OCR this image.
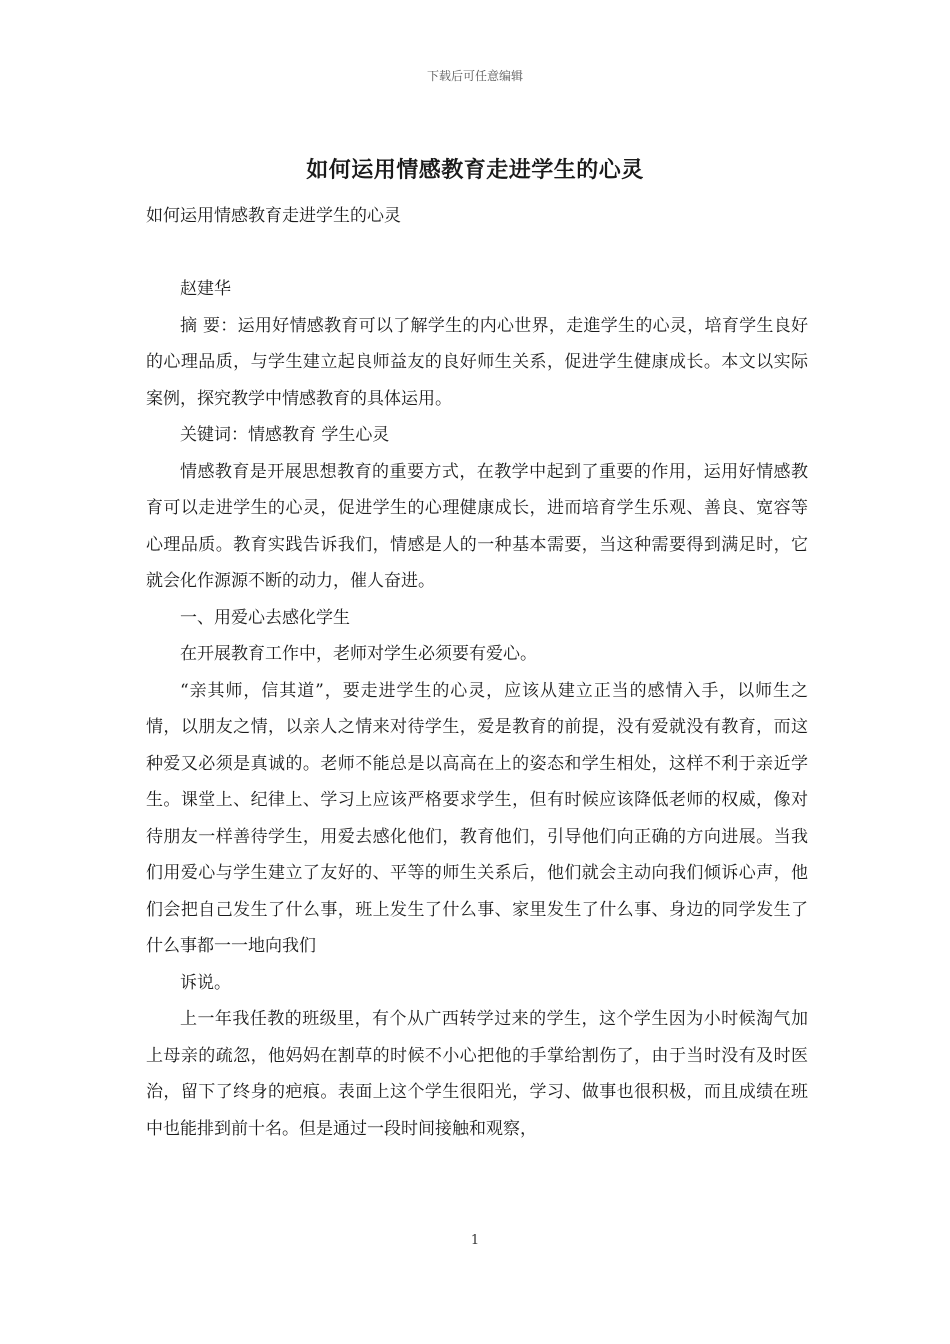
下载后可任意编辑
如何运用情感教育走进学生的心灵

如何运用情感教育走进学生的心灵

赵建华

摘 要：运用好情感教育可以了解学生的内心世界，走進学生的心灵，培育学生良好的心理品质，与学生建立起良师益友的良好师生关系，促进学生健康成长。本文以实际案例，探究教学中情感教育的具体运用。

关键词：情感教育 学生心灵

情感教育是开展思想教育的重要方式，在教学中起到了重要的作用，运用好情感教育可以走进学生的心灵，促进学生的心理健康成长，进而培育学生乐观、善良、宽容等心理品质。教育实践告诉我们，情感是人的一种基本需要，当这种需要得到满足时，它就会化作源源不断的动力，催人奋进。

一、用爱心去感化学生

在开展教育工作中，老师对学生必须要有爱心。

“亲其师，信其道”，要走进学生的心灵，应该从建立正当的感情入手，以师生之情，以朋友之情，以亲人之情来对待学生，爱是教育的前提，没有爱就没有教育，而这种爱又必须是真诚的。老师不能总是以高高在上的姿态和学生相处，这样不利于亲近学生。课堂上、纪律上、学习上应该严格要求学生，但有时候应该降低老师的权威，像对待朋友一样善待学生，用爱去感化他们，教育他们，引导他们向正确的方向进展。当我们用爱心与学生建立了友好的、平等的师生关系后，他们就会主动向我们倾诉心声，他们会把自己发生了什么事，班上发生了什么事、家里发生了什么事、身边的同学发生了什么事都一一地向我们

诉说。

上一年我任教的班级里，有个从广西转学过来的学生，这个学生因为小时候淘气加上母亲的疏忽，他妈妈在割草的时候不小心把他的手掌给割伤了，由于当时没有及时医治，留下了终身的疤痕。表面上这个学生很阳光，学习、做事也很积极，而且成绩在班中也能排到前十名。但是通过一段时间接触和观察，

1
